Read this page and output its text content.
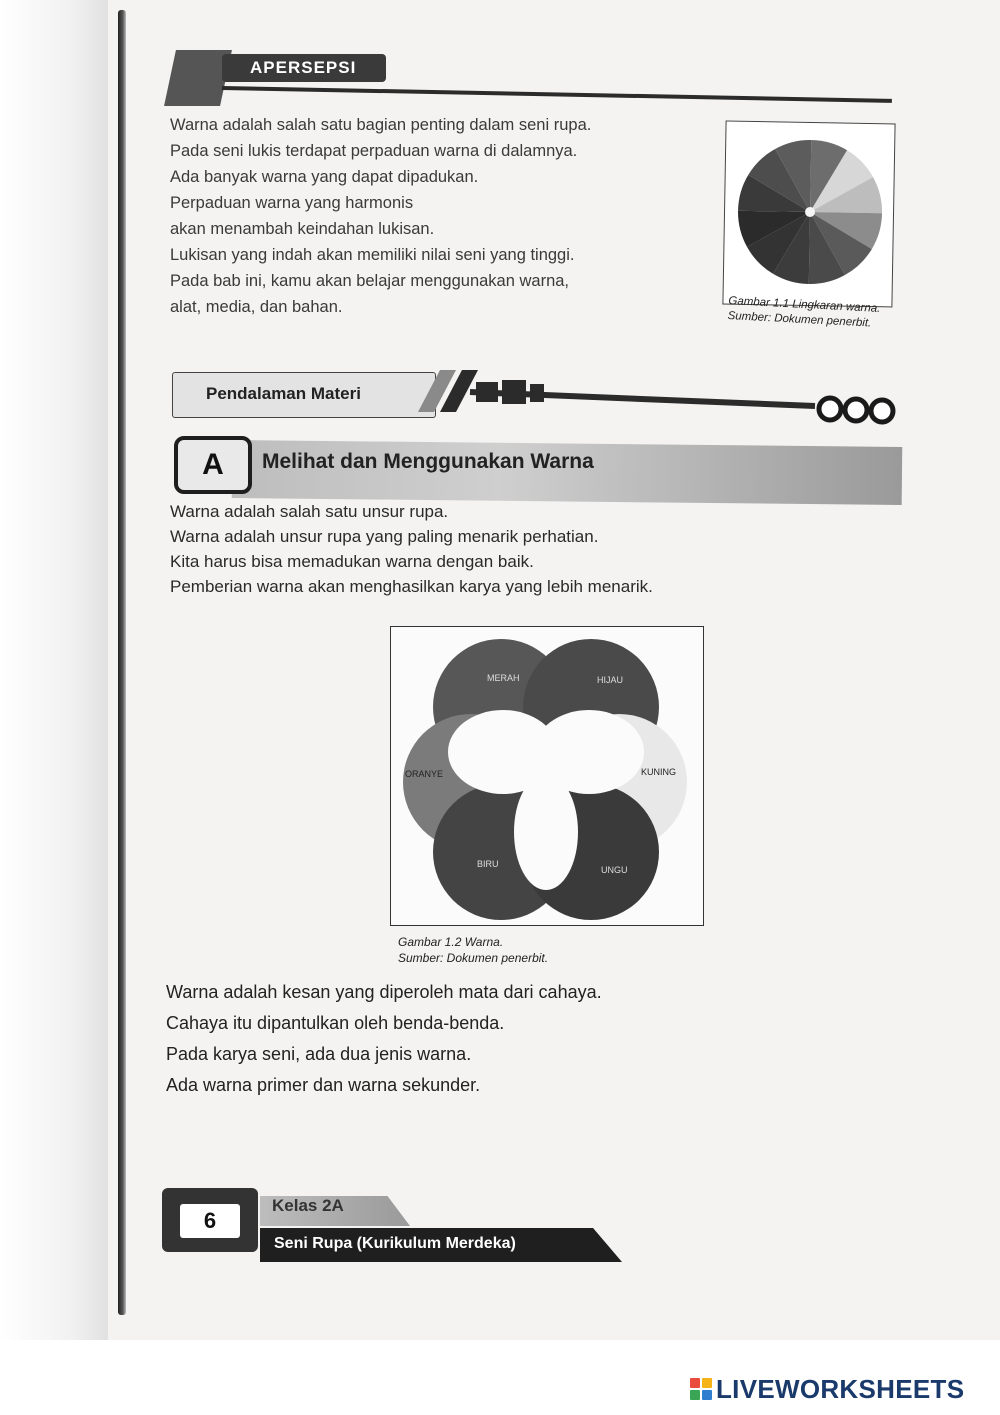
APERSEPSI

Warna adalah salah satu bagian penting dalam seni rupa.

Pada seni lukis terdapat perpaduan warna di dalamnya.

Ada banyak warna yang dapat dipadukan.

Perpaduan warna yang harmonis

akan menambah keindahan lukisan.

Lukisan yang indah akan memiliki nilai seni yang tinggi.

Pada bab ini, kamu akan belajar menggunakan warna,

alat, media, dan bahan.	Gambar 1.1 Lingkaran warna.
Sumber: Dokumen penerbit.
Pendalaman Materi
A	Melihat dan Menggunakan Warna

Warna adalah salah satu unsur rupa.

Warna adalah unsur rupa yang paling menarik perhatian.

Kita harus bisa memadukan warna dengan baik.

Pemberian warna akan menghasilkan karya yang lebih menarik.

MERAH	HIJAU
ORANYE	KUNING
BIRU
UNGU
Gambar 1.2 Warna.
Sumber: Dokumen penerbit.

Warna adalah kesan yang diperoleh mata dari cahaya.

Cahaya itu dipantulkan oleh benda-benda.

Pada karya seni, ada dua jenis warna.

Ada warna primer dan warna sekunder.

6
Kelas 2A
Seni Rupa (Kurikulum Merdeka)
LIVEWORKSHEETS
